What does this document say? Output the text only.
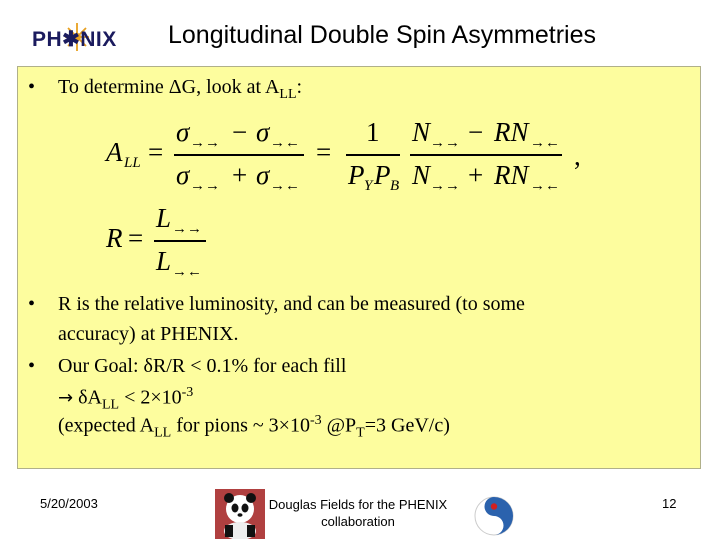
PH✱NIX Longitudinal Double Spin Asymmetries
• To determine ΔG, look at $A_{LL}$:
A LL =
σ →→ − σ →←
σ →→ + σ →←
=
1
P Y P B
N →→ − RN →←
N →→ + RN →←
,
R =
L →→
L →←
• R is the relative luminosity, and can be measured (to some
accuracy) at PHENIX.
• Our Goal: δR/R < 0.1% for each fill
→ $\delta A_{LL} < 2\times 10^{-3}$
(expected $A_{LL}$ for pions ~ $3\times 10^{-3}$ $@P_T=3$ GeV/c)
5/20/2003	Douglas Fields for the PHENIX
collaboration
12
